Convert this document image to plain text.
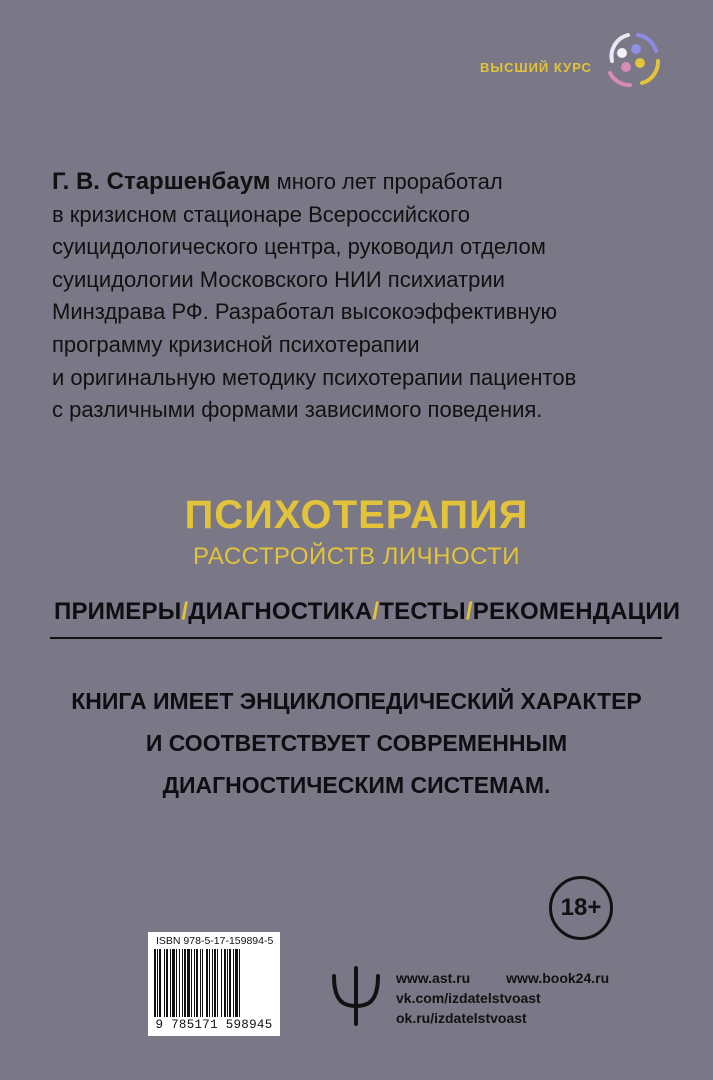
ВЫСШИЙ КУРС
Г. В. Старшенбаум много лет проработал
в кризисном стационаре Всероссийского
суицидологического центра, руководил отделом
суицидологии Московского НИИ психиатрии
Минздрава РФ. Разработал высокоэффективную
программу кризисной психотерапии
и оригинальную методику психотерапии пациентов
с различными формами зависимого поведения.
ПСИХОТЕРАПИЯ
РАССТРОЙСТВ ЛИЧНОСТИ
ПРИМЕРЫ/ДИАГНОСТИКА/ТЕСТЫ/РЕКОМЕНДАЦИИ
КНИГА ИМЕЕТ ЭНЦИКЛОПЕДИЧЕСКИЙ ХАРАКТЕР
И СООТВЕТСТВУЕТ СОВРЕМЕННЫМ
ДИАГНОСТИЧЕСКИМ СИСТЕМАМ.
18+
ISBN 978-5-17-159894-5
9 785171 598945
www.ast.ru	www.book24.ru
vk.com/izdatelstvoast
ok.ru/izdatelstvoast
